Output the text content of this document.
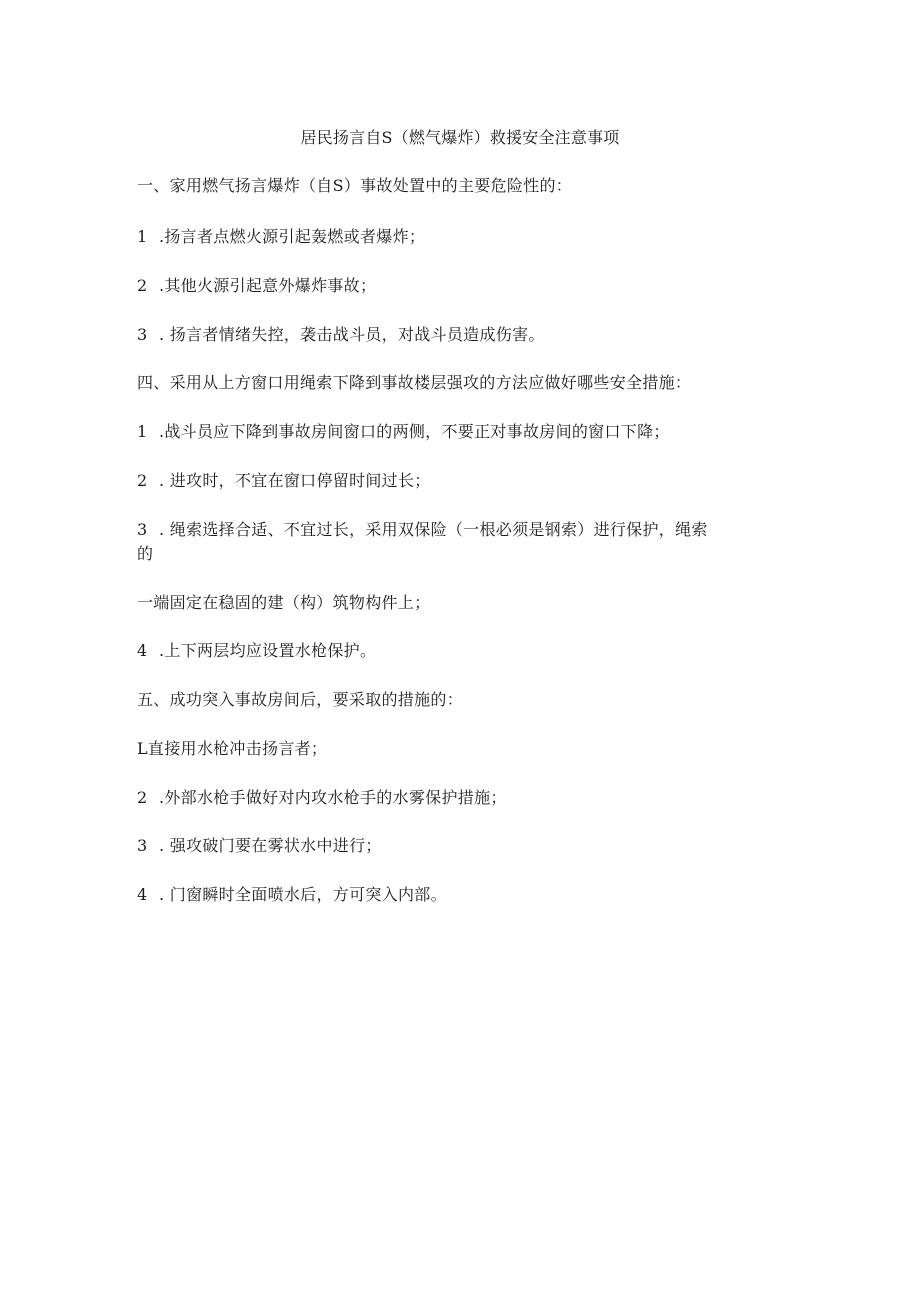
居民扬言自S（燃气爆炸）救援安全注意事项
一、家用燃气扬言爆炸（自S）事故处置中的主要危险性的：
1 .扬言者点燃火源引起轰燃或者爆炸；
2 .其他火源引起意外爆炸事故；
3 . 扬言者情绪失控，袭击战斗员，对战斗员造成伤害。
四、采用从上方窗口用绳索下降到事故楼层强攻的方法应做好哪些安全措施：
1 .战斗员应下降到事故房间窗口的两侧，不要正对事故房间的窗口下降；
2 . 进攻时，不宜在窗口停留时间过长；
3 . 绳索选择合适、不宜过长，采用双保险（一根必须是钢索）进行保护，绳索
的
一端固定在稳固的建（构）筑物构件上；
4 .上下两层均应设置水枪保护。
五、成功突入事故房间后，要采取的措施的：
L直接用水枪冲击扬言者；
2 .外部水枪手做好对内攻水枪手的水雾保护措施；
3 . 强攻破门要在雾状水中进行；
4 . 门窗瞬时全面喷水后，方可突入内部。
